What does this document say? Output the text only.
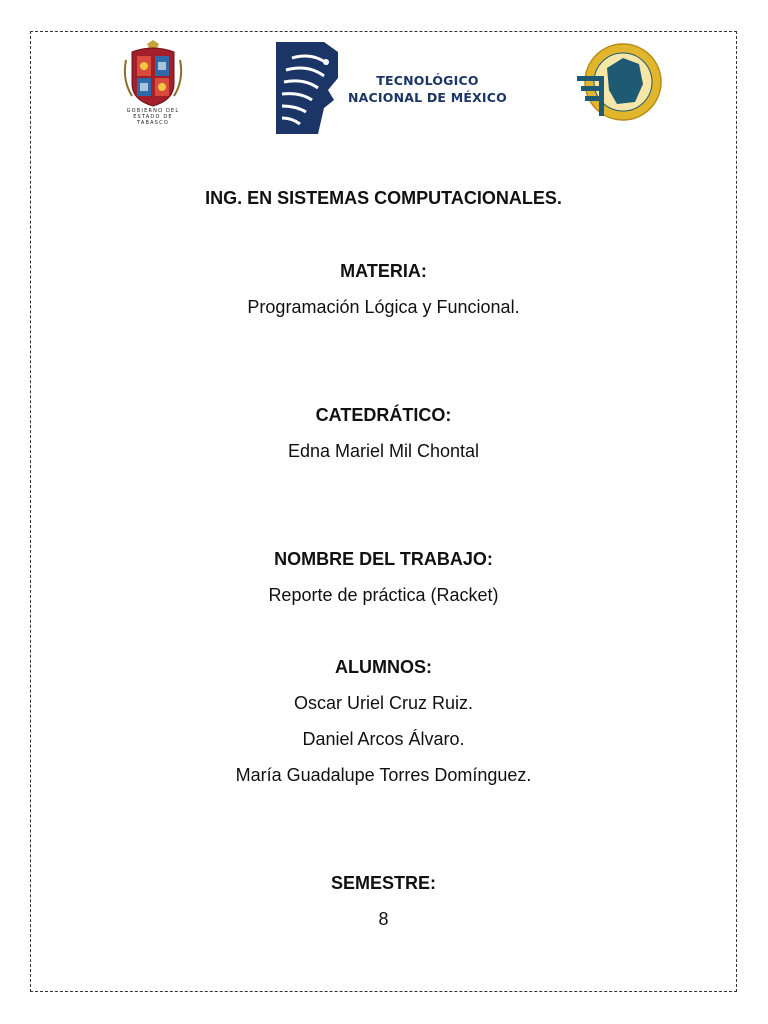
GOBIERNO DEL
ESTADO DE
TABASCO
TECNOLÓGICO
NACIONAL DE MÉXICO
ING. EN SISTEMAS COMPUTACIONALES.
MATERIA:
Programación Lógica y Funcional.
CATEDRÁTICO:
Edna Mariel Mil Chontal
NOMBRE DEL TRABAJO:
Reporte de práctica (Racket)
ALUMNOS:
Oscar Uriel Cruz Ruiz.
Daniel Arcos Álvaro.
María Guadalupe Torres Domínguez.
SEMESTRE:
8
